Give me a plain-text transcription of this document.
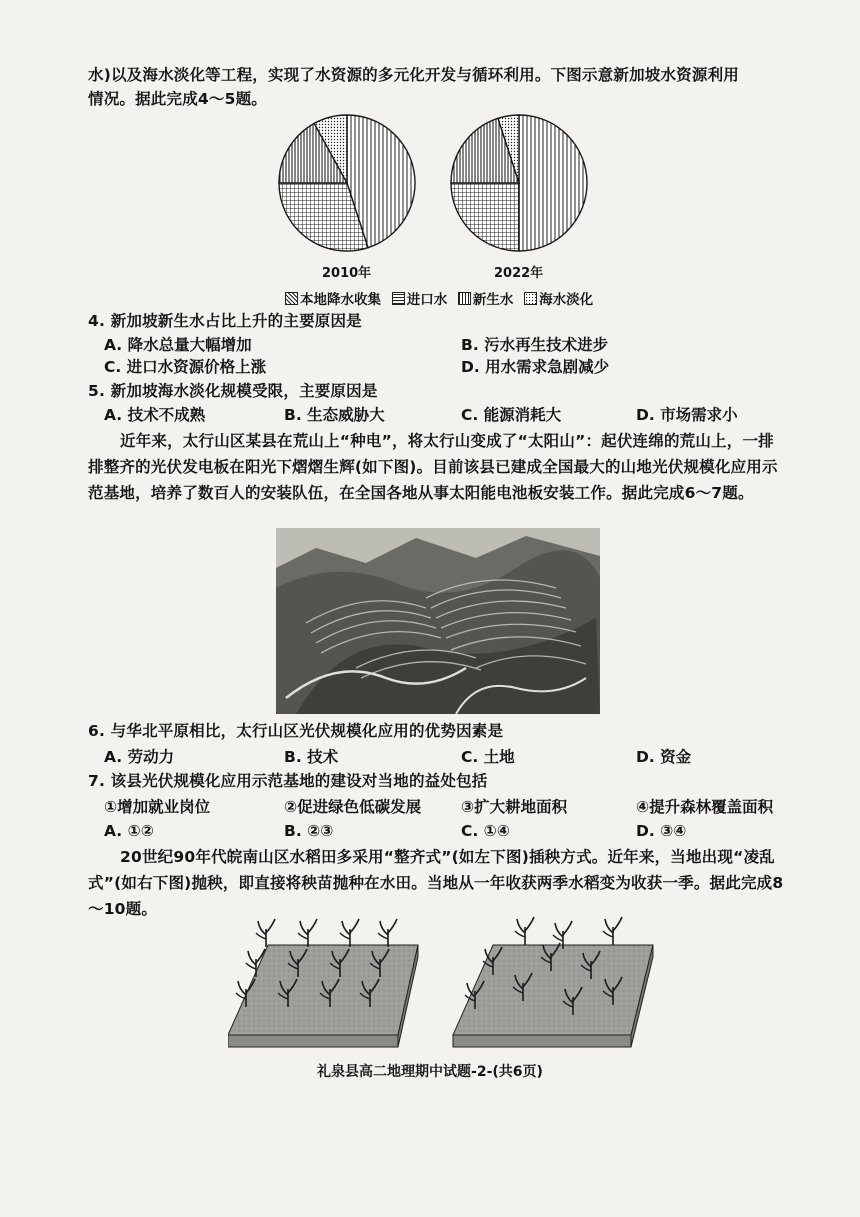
水)以及海水淡化等工程，实现了水资源的多元化开发与循环利用。下图示意新加坡水资源利用
情况。据此完成4～5题。
2010年	2022年
本地降水收集 进口水 新生水 海水淡化
4. 新加坡新生水占比上升的主要原因是
A. 降水总量大幅增加	B. 污水再生技术进步
C. 进口水资源价格上涨	D. 用水需求急剧减少
5. 新加坡海水淡化规模受限，主要原因是
A. 技术不成熟	B. 生态威胁大	C. 能源消耗大	D. 市场需求小
近年来，太行山区某县在荒山上“种电”，将太行山变成了“太阳山”：起伏连绵的荒山上，一排排整齐的光伏发电板在阳光下熠熠生辉(如下图)。目前该县已建成全国最大的山地光伏规模化应用示范基地，培养了数百人的安装队伍，在全国各地从事太阳能电池板安装工作。据此完成6～7题。
6. 与华北平原相比，太行山区光伏规模化应用的优势因素是
A. 劳动力	B. 技术	C. 土地	D. 资金
7. 该县光伏规模化应用示范基地的建设对当地的益处包括
①增加就业岗位	②促进绿色低碳发展	③扩大耕地面积	④提升森林覆盖面积
A. ①②	B. ②③	C. ①④	D. ③④
20世纪90年代皖南山区水稻田多采用“整齐式”(如左下图)插秧方式。近年来，当地出现“凌乱式”(如右下图)抛秧，即直接将秧苗抛种在水田。当地从一年收获两季水稻变为收获一季。据此完成8～10题。
礼泉县高二地理期中试题-2-(共6页)
